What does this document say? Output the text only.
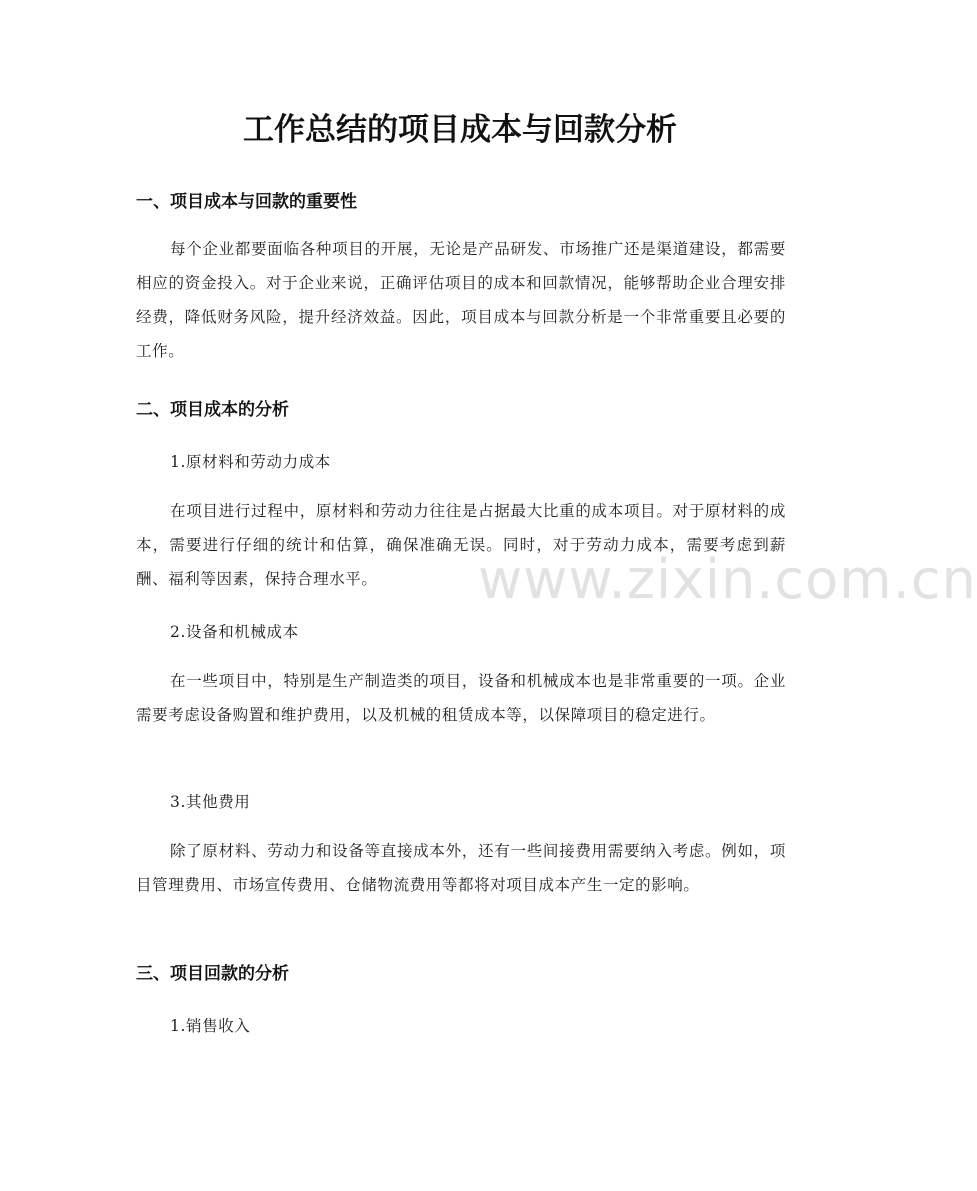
工作总结的项目成本与回款分析
一、项目成本与回款的重要性

每个企业都要面临各种项目的开展，无论是产品研发、市场推广还是渠道建设，都需要相应的资金投入。对于企业来说，正确评估项目的成本和回款情况，能够帮助企业合理安排经费，降低财务风险，提升经济效益。因此，项目成本与回款分析是一个非常重要且必要的工作。

二、项目成本的分析

1.原材料和劳动力成本

在项目进行过程中，原材料和劳动力往往是占据最大比重的成本项目。对于原材料的成本，需要进行仔细的统计和估算，确保准确无误。同时，对于劳动力成本，需要考虑到薪酬、福利等因素，保持合理水平。

2.设备和机械成本

在一些项目中，特别是生产制造类的项目，设备和机械成本也是非常重要的一项。企业需要考虑设备购置和维护费用，以及机械的租赁成本等，以保障项目的稳定进行。

3.其他费用

除了原材料、劳动力和设备等直接成本外，还有一些间接费用需要纳入考虑。例如，项目管理费用、市场宣传费用、仓储物流费用等都将对项目成本产生一定的影响。

三、项目回款的分析

1.销售收入

www.zixin.com.cn
